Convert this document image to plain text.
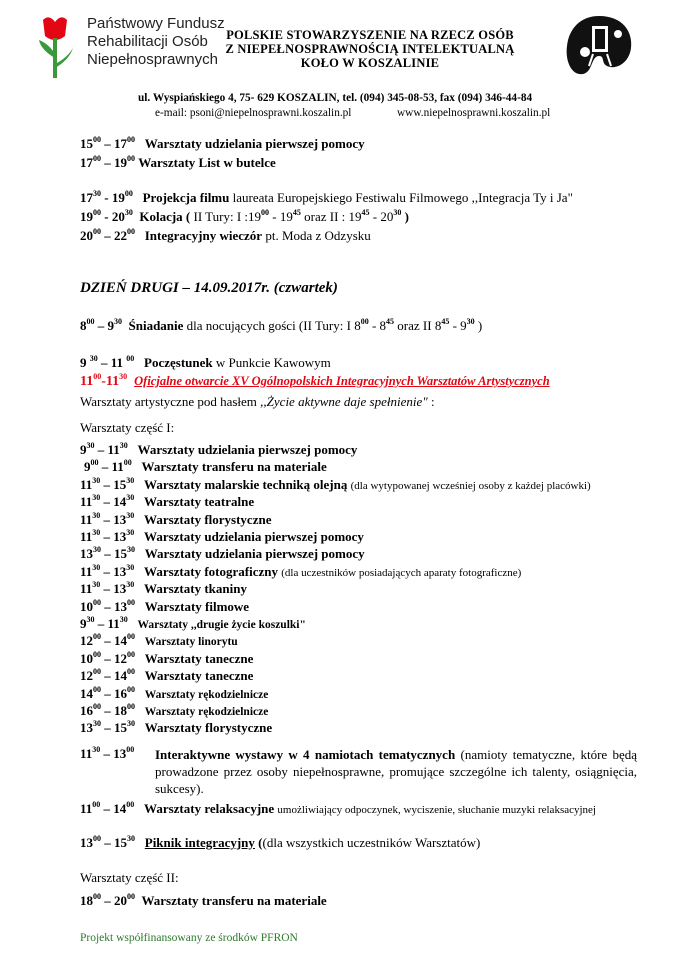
Państwowy Fundusz
Rehabilitacji Osób
Niepełnosprawnych
POLSKIE STOWARZYSZENIE NA RZECZ OSÓB
Z NIEPEŁNOSPRAWNOŚCIĄ INTELEKTUALNĄ
KOŁO W KOSZALINIE
ul. Wyspiańskiego 4, 75- 629 KOSZALIN, tel. (094) 345-08-53, fax (094) 346-44-84
e-mail: psoni@niepelnosprawni.koszalin.pl	www.niepelnosprawni.koszalin.pl
$15^{00} - 17^{00}$ Warsztaty udzielania pierwszej pomocy
$17^{00} - 19^{00}$ Warsztaty List w butelce
$17^{30} - 19^{00}$ Projekcja filmu laureata Europejskiego Festiwalu Filmowego ,,Integracja Ty i Ja"
$19^{00} - 20^{30}$ Kolacja ( II Tury: I $:19^{00} - 19^{45}$ oraz II : $19^{45} - 20^{30}$ )
$20^{00} - 22^{00}$ Integracyjny wieczór pt. Moda z Odzysku
DZIEŃ DRUGI – 14.09.2017r. (czwartek)
$8^{00} - 9^{30}$ Śniadanie dla nocujących gości (II Tury: I $8^{00} - 8^{45}$ oraz II $8^{45} - 9^{30}$ )
9 $^{30}$ – 11 $^{00}$ Poczęstunek w Punkcie Kawowym
$11^{00}-11^{30}$ Oficjalne otwarcie XV Ogólnopolskich Integracyjnych Warsztatów Artystycznych
Warsztaty artystyczne pod hasłem ,,Życie aktywne daje spełnienie" :
Warsztaty część I:
$9^{30} - 11^{30}$ Warsztaty udzielania pierwszej pomocy
$9^{00} - 11^{00}$ Warsztaty transferu na materiale
$11^{30} - 15^{30}$ Warsztaty malarskie techniką olejną (dla wytypowanej wcześniej osoby z każdej placówki)
$11^{30} - 14^{30}$ Warsztaty teatralne
$11^{30} - 13^{30}$ Warsztaty florystyczne
$11^{30} - 13^{30}$ Warsztaty udzielania pierwszej pomocy
$13^{30} - 15^{30}$ Warsztaty udzielania pierwszej pomocy
$11^{30} - 13^{30}$ Warsztaty fotograficzny (dla uczestników posiadających aparaty fotograficzne)
$11^{30} - 13^{30}$ Warsztaty tkaniny
$10^{00} - 13^{00}$ Warsztaty filmowe
$9^{30} - 11^{30}$ Warsztaty ,,drugie życie koszulki"
$12^{00} - 14^{00}$ Warsztaty linorytu
$10^{00} - 12^{00}$ Warsztaty taneczne
$12^{00} - 14^{00}$ Warsztaty taneczne
$14^{00} - 16^{00}$ Warsztaty rękodzielnicze
$16^{00} - 18^{00}$ Warsztaty rękodzielnicze
$13^{30} - 15^{30}$ Warsztaty florystyczne
$11^{30} - 13^{00}$ Interaktywne wystawy w 4 namiotach tematycznych (namioty tematyczne, które będą prowadzone przez osoby niepełnosprawne, promujące szczególne ich talenty, osiągnięcia, sukcesy).
$11^{00} - 14^{00}$ Warsztaty relaksacyjne umożliwiający odpoczynek, wyciszenie, słuchanie muzyki relaksacyjnej
$13^{00} - 15^{30}$ Piknik integracyjny ((dla wszystkich uczestników Warsztatów)
Warsztaty część II:
$18^{00} - 20^{00}$ Warsztaty transferu na materiale
Projekt współfinansowany ze środków PFRON
